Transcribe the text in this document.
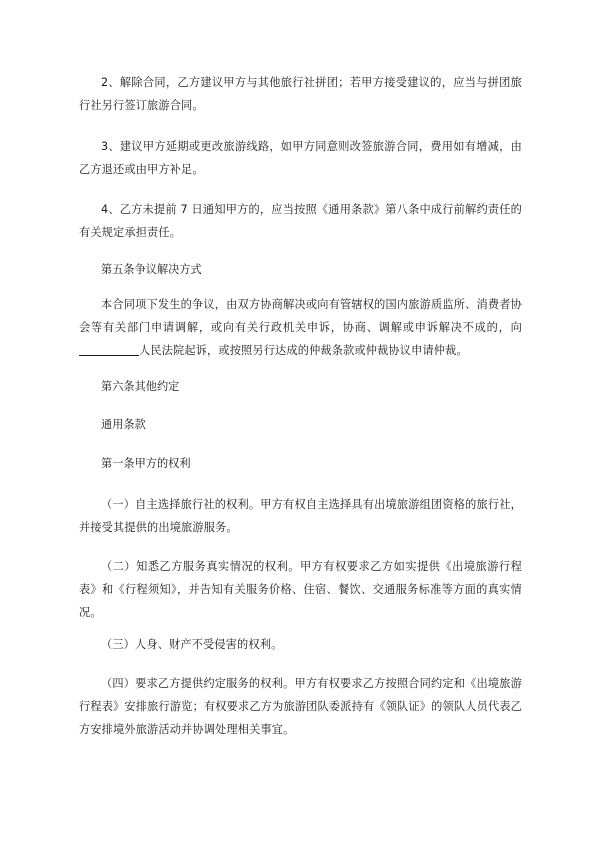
2、解除合同，乙方建议甲方与其他旅行社拼团；若甲方接受建议的，应当与拼团旅行社另行签订旅游合同。

3、建议甲方延期或更改旅游线路，如甲方同意则改签旅游合同，费用如有增减，由乙方退还或由甲方补足。

4、乙方未提前 7 日通知甲方的，应当按照《通用条款》第八条中成行前解约责任的有关规定承担责任。

第五条争议解决方式

本合同项下发生的争议，由双方协商解决或向有管辖权的国内旅游质监所、消费者协会等有关部门申请调解，或向有关行政机关申诉，协商、调解或申诉解决不成的，向人民法院起诉，或按照另行达成的仲裁条款或仲裁协议申请仲裁。

第六条其他约定

通用条款

第一条甲方的权利

（一）自主选择旅行社的权利。甲方有权自主选择具有出境旅游组团资格的旅行社，并接受其提供的出境旅游服务。

（二）知悉乙方服务真实情况的权利。甲方有权要求乙方如实提供《出境旅游行程表》和《行程须知》，并告知有关服务价格、住宿、餐饮、交通服务标准等方面的真实情况。

（三）人身、财产不受侵害的权利。

（四）要求乙方提供约定服务的权利。甲方有权要求乙方按照合同约定和《出境旅游行程表》安排旅行游览；有权要求乙方为旅游团队委派持有《领队证》的领队人员代表乙方安排境外旅游活动并协调处理相关事宜。
